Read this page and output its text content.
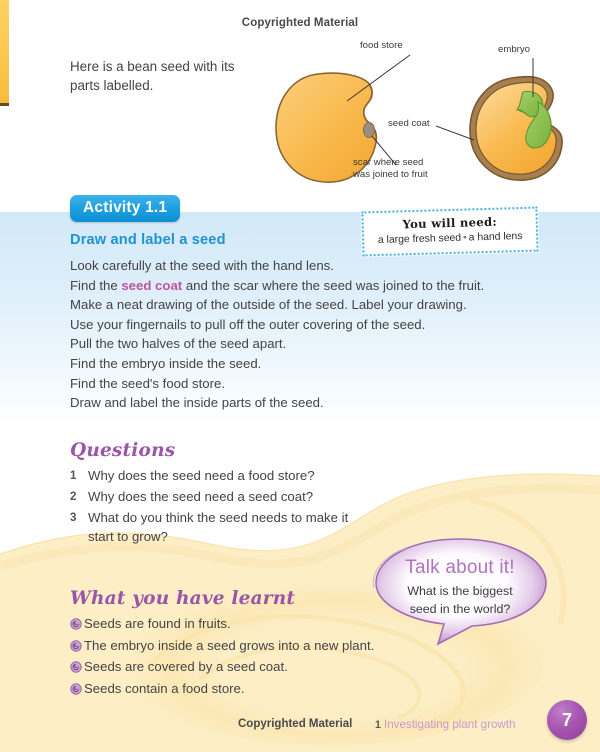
Copyrighted Material
Here is a bean seed with its parts labelled.
food store	embryo
seed coat
scar where seed
was joined to fruit
Activity 1.1
Draw and label a seed
Look carefully at the seed with the hand lens.
Find the seed coat and the scar where the seed was joined to the fruit.
Make a neat drawing of the outside of the seed. Label your drawing.
Use your fingernails to pull off the outer covering of the seed.
Pull the two halves of the seed apart.
Find the embryo inside the seed.
Find the seed's food store.
Draw and label the inside parts of the seed.
You will need:
a large fresh seed • a hand lens
Questions
1 Why does the seed need a food store?
2 Why does the seed need a seed coat?
3 What do you think the seed needs to make it start to grow?
What you have learnt
Seeds are found in fruits.
The embryo inside a seed grows into a new plant.
Seeds are covered by a seed coat.
Seeds contain a food store.
Talk about it!
What is the biggest
seed in the world?
Copyrighted Material 1 Investigating plant growth	7
